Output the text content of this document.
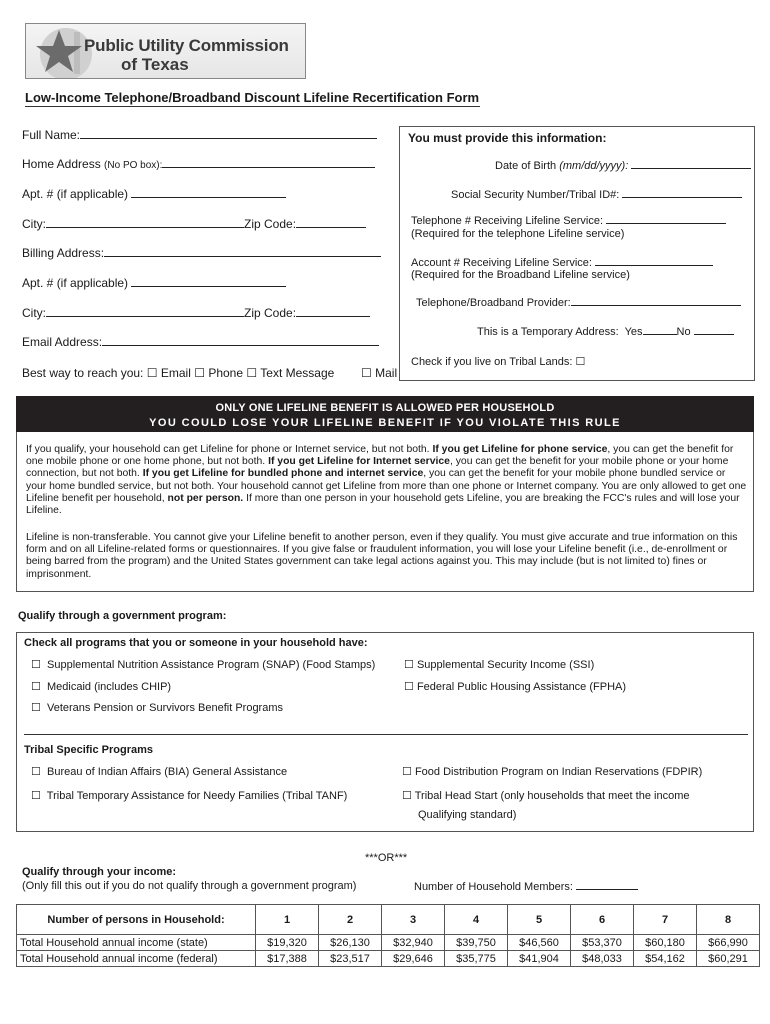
Public Utility Commission
of Texas
Low-Income Telephone/Broadband Discount Lifeline Recertification Form
Full Name:
Home Address (No PO box):
Apt. # (if applicable)
City:	Zip Code:
Billing Address:
Apt. # (if applicable)
City:	Zip Code:
Email Address:
Best way to reach you: ☐ Email ☐ Phone ☐ Text Message ☐ Mail
You must provide this information:
Date of Birth (mm/dd/yyyy):
Social Security Number/Tribal ID#:
Telephone # Receiving Lifeline Service:
(Required for the telephone Lifeline service)
Account # Receiving Lifeline Service:
(Required for the Broadband Lifeline service)
Telephone/Broadband Provider:
This is a Temporary Address: Yes	No
Check if you live on Tribal Lands: ☐
ONLY ONE LIFELINE BENEFIT IS ALLOWED PER HOUSEHOLD
YOU COULD LOSE YOUR LIFELINE BENEFIT IF YOU VIOLATE THIS RULE
If you qualify, your household can get Lifeline for phone or Internet service, but not both. If you get Lifeline for phone service, you can get the benefit for one mobile phone or one home phone, but not both. If you get Lifeline for Internet service, you can get the benefit for your mobile phone or your home connection, but not both. If you get Lifeline for bundled phone and internet service, you can get the benefit for your mobile phone bundled service or your home bundled service, but not both. Your household cannot get Lifeline from more than one phone or Internet company. You are only allowed to get one Lifeline benefit per household, not per person. If more than one person in your household gets Lifeline, you are breaking the FCC's rules and will lose your Lifeline.
Lifeline is non-transferable. You cannot give your Lifeline benefit to another person, even if they qualify. You must give accurate and true information on this form and on all Lifeline-related forms or questionnaires. If you give false or fraudulent information, you will lose your Lifeline benefit (i.e., de-enrollment or being barred from the program) and the United States government can take legal actions against you. This may include (but is not limited to) fines or imprisonment.
Qualify through a government program:
Check all programs that you or someone in your household have:
☐ Supplemental Nutrition Assistance Program (SNAP) (Food Stamps)	☐ Supplemental Security Income (SSI)
☐ Medicaid (includes CHIP)	☐ Federal Public Housing Assistance (FPHA)
☐ Veterans Pension or Survivors Benefit Programs
Tribal Specific Programs
☐ Bureau of Indian Affairs (BIA) General Assistance	☐ Food Distribution Program on Indian Reservations (FDPIR)
☐ Tribal Temporary Assistance for Needy Families (Tribal TANF)	☐ Tribal Head Start (only households that meet the income
Qualifying standard)
***OR***
Qualify through your income:
(Only fill this out if you do not qualify through a government program)	Number of Household Members:
Number of persons in Household:	1	2	3	4	5	6	7	8
Total Household annual income (state)	$19,320	$26,130	$32,940	$39,750	$46,560	$53,370	$60,180	$66,990
Total Household annual income (federal)	$17,388	$23,517	$29,646	$35,775	$41,904	$48,033	$54,162	$60,291
